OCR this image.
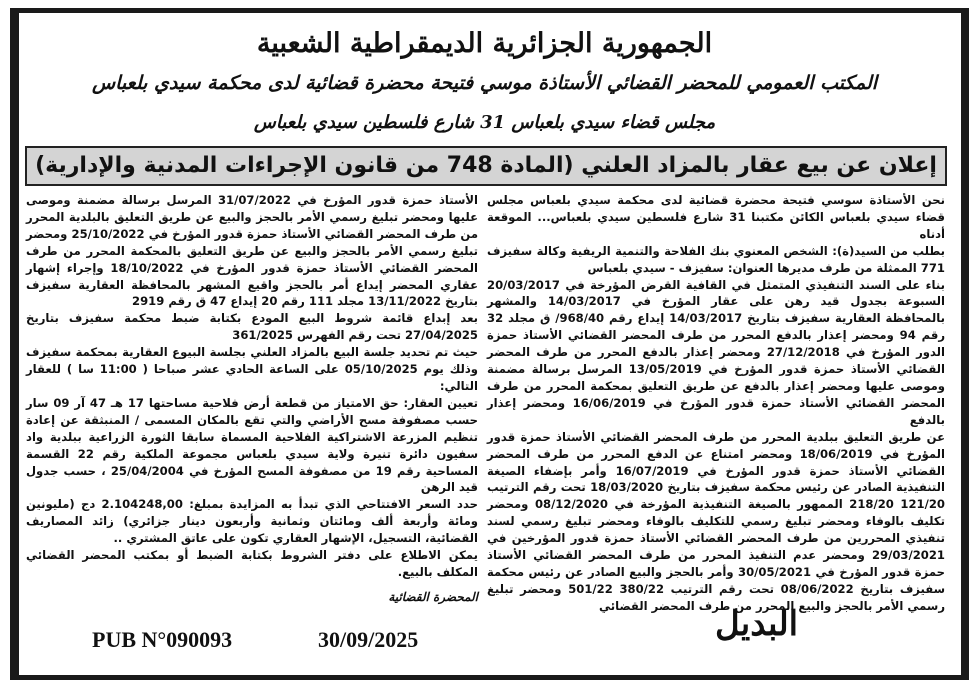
الجمهورية الجزائرية الديمقراطية الشعبية
المكتب العمومي للمحضر القضائي الأستاذة موسي فتيحة محضرة قضائية لدى محكمة سيدي بلعباس
مجلس قضاء سيدي بلعباس 31 شارع فلسطين سيدي بلعباس
إعلان عن بيع عقار بالمزاد العلني (المادة 748 من قانون الإجراءات المدنية والإدارية)

نحن الأستاذة سوسي فتيحة محضرة قضائية لدى محكمة سيدي بلعباس مجلس قضاء سيدي بلعباس الكائن مكتبنا 31 شارع فلسطين سيدي بلعباس... الموقعة أدناه

بطلب من السيد(ة): الشخص المعنوي بنك الفلاحة والتنمية الريفية وكالة سفيزف 771 الممثلة من طرف مديرها العنوان: سفيزف - سيدي بلعباس

بناء على السند التنفيذي المتمثل في القافية القرض المؤرخة في 20/03/2017 السبوعة بجدول قيد رهن على عقار المؤرخ في 14/03/2017 والمشهر بالمحافظة العقارية سفيزف بتاريخ 14/03/2017 إيداع رقم 968/40/ ق مجلد 32 رقم 94 ومحضر إعذار بالدفع المحرر من طرف المحضر القضائي الأستاذ حمزة الدور المؤرخ في 27/12/2018 ومحضر إعذار بالدفع المحرر من طرف المحضر القضائي الأستاذ حمزة قدور المؤرخ في 13/05/2019 المرسل برسالة مضمنة وموصى عليها ومحضر إعذار بالدفع عن طريق التعليق بمحكمة المحرر من طرف المحضر القضائي الأستاذ حمزة قدور المؤرخ في 16/06/2019 ومحضر إعذار بالدفع

عن طريق التعليق ببلدية المحرر من طرف المحضر القضائي الأستاذ حمزة قدور المؤرخ في 18/06/2019 ومحضر امتناع عن الدفع المحرر من طرف المحضر القضائي الأستاذ حمزة قدور المؤرخ في 16/07/2019 وأمر بإضفاء الصيغة التنفيذية الصادر عن رئيس محكمة سفيزف بتاريخ 18/03/2020 تحت رقم الترتيب 121/20 218/20 الممهور بالصيغة التنفيذية المؤرخة في 08/12/2020 ومحضر تكليف بالوفاء ومحضر تبليغ رسمي للتكليف بالوفاء ومحضر تبليغ رسمي لسند تنفيذي المحررين من طرف المحضر القضائي الأستاذ حمزة قدور المؤرخين في 29/03/2021 ومحضر عدم التنفيذ المحرر من طرف المحضر القضائي الأستاذ حمزة قدور المؤرخ في 30/05/2021 وأمر بالحجز والبيع الصادر عن رئيس محكمة سفيزف بتاريخ 08/06/2022 تحت رقم الترتيب 380/22 501/22 ومحضر تبليغ رسمي الأمر بالحجز والبيع المحرر من طرف المحضر القضائي

الأستاذ حمزة قدور المؤرخ في 31/07/2022 المرسل برسالة مضمنة وموصى عليها ومحضر تبليغ رسمي الأمر بالحجز والبيع عن طريق التعليق بالبلدية المحرر من طرف المحضر القضائي الأستاذ حمزة قدور المؤرخ في 25/10/2022 ومحضر تبليغ رسمي الأمر بالحجز والبيع عن طريق التعليق بالمحكمة المحرر من طرف المحضر القضائي الأستاذ حمزة قدور المؤرخ في 18/10/2022 وإجراء إشهار عقاري المحضر إيداع أمر بالحجز واقيع المشهر بالمحافظة العقارية سفيزف بتاريخ 13/11/2022 مجلد 111 رقم 20 إيداع 47 ق رقم 2919

بعد إبداع قائمة شروط البيع المودع بكتابة ضبط محكمة سفيزف بتاريخ 27/04/2025 تحت رقم الفهرس 361/2025

حيث تم تحديد جلسة البيع بالمزاد العلني بجلسة البيوع العقارية بمحكمة سفيزف وذلك يوم 05/10/2025 على الساعة الحادي عشر صباحا ( 11:00 سا ) للعقار التالي:

تعيين العقار: حق الامتياز من قطعة أرض فلاحية مساحتها 17 هـ 47 آر 09 سار حسب مصفوفة مسح الأراضي والتي تقع بالمكان المسمى / المنبثقة عن إعادة تنظيم المزرعة الاشتراكية الفلاحية المسماة سابقا الثورة الزراعية ببلدية واد سفيون دائرة تنيرة ولاية سيدي بلعباس مجموعة الملكية رقم 22 القسمة المساحية رقم 19 من مصفوفة المسح المؤرخ في 25/04/2004 ، حسب جدول قيد الرهن

حدد السعر الافتتاحي الذي تبدأ به المزايدة بمبلغ: 2.104248,00 دج (مليونين ومائة وأربعة ألف ومائتان وثمانية وأربعون دينار جزائري) زائد المصاريف القضائية، التسجيل، الإشهار العقاري تكون على عاتق المشتري ..

يمكن الاطلاع على دفتر الشروط بكتابة الضبط أو بمكتب المحضر القضائي المكلف بالبيع.

المحضرة القضائية

البديل
30/09/2025
PUB N°090093
